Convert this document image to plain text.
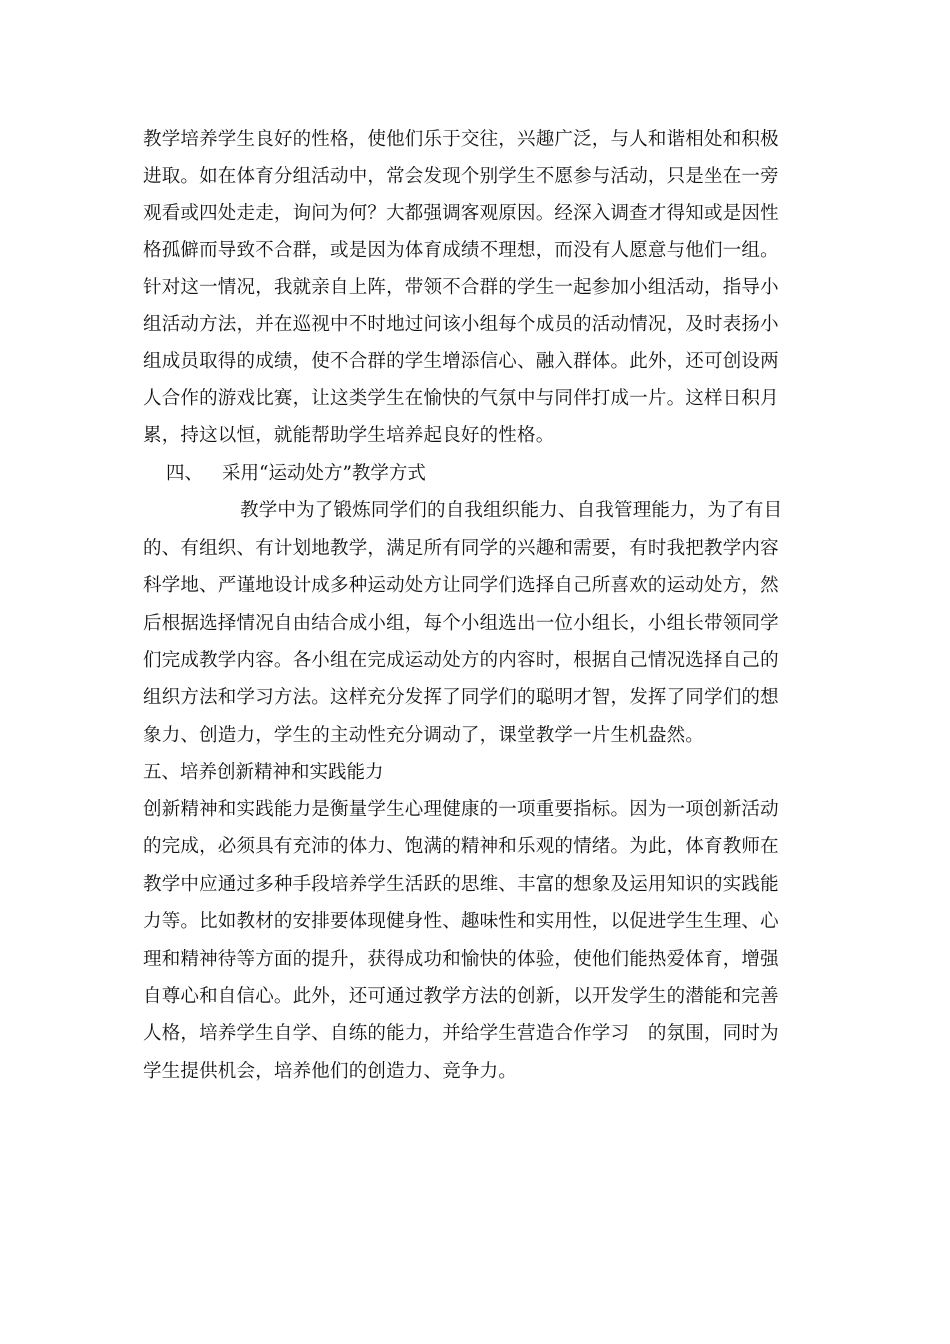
教学培养学生良好的性格，使他们乐于交往，兴趣广泛，与人和谐相处和积极
进取。如在体育分组活动中，常会发现个别学生不愿参与活动，只是坐在一旁
观看或四处走走，询问为何？大都强调客观原因。经深入调查才得知或是因性
格孤僻而导致不合群，或是因为体育成绩不理想，而没有人愿意与他们一组。
针对这一情况，我就亲自上阵，带领不合群的学生一起参加小组活动，指导小
组活动方法，并在巡视中不时地过问该小组每个成员的活动情况，及时表扬小
组成员取得的成绩，使不合群的学生增添信心、融入群体。此外，还可创设两
人合作的游戏比赛，让这类学生在愉快的气氛中与同伴打成一片。这样日积月
累，持这以恒，就能帮助学生培养起良好的性格。
四、 采用“运动处方”教学方式
教学中为了锻炼同学们的自我组织能力、自我管理能力，为了有目
的、有组织、有计划地教学，满足所有同学的兴趣和需要，有时我把教学内容
科学地、严谨地设计成多种运动处方让同学们选择自己所喜欢的运动处方，然
后根据选择情况自由结合成小组，每个小组选出一位小组长，小组长带领同学
们完成教学内容。各小组在完成运动处方的内容时，根据自己情况选择自己的
组织方法和学习方法。这样充分发挥了同学们的聪明才智，发挥了同学们的想
象力、创造力，学生的主动性充分调动了，课堂教学一片生机盎然。
五、培养创新精神和实践能力
创新精神和实践能力是衡量学生心理健康的一项重要指标。因为一项创新活动
的完成，必须具有充沛的体力、饱满的精神和乐观的情绪。为此，体育教师在
教学中应通过多种手段培养学生活跃的思维、丰富的想象及运用知识的实践能
力等。比如教材的安排要体现健身性、趣味性和实用性，以促进学生生理、心
理和精神待等方面的提升，获得成功和愉快的体验，使他们能热爱体育，增强
自尊心和自信心。此外，还可通过教学方法的创新，以开发学生的潜能和完善
人格，培养学生自学、自练的能力，并给学生营造合作学习　的氛围，同时为
学生提供机会，培养他们的创造力、竞争力。
